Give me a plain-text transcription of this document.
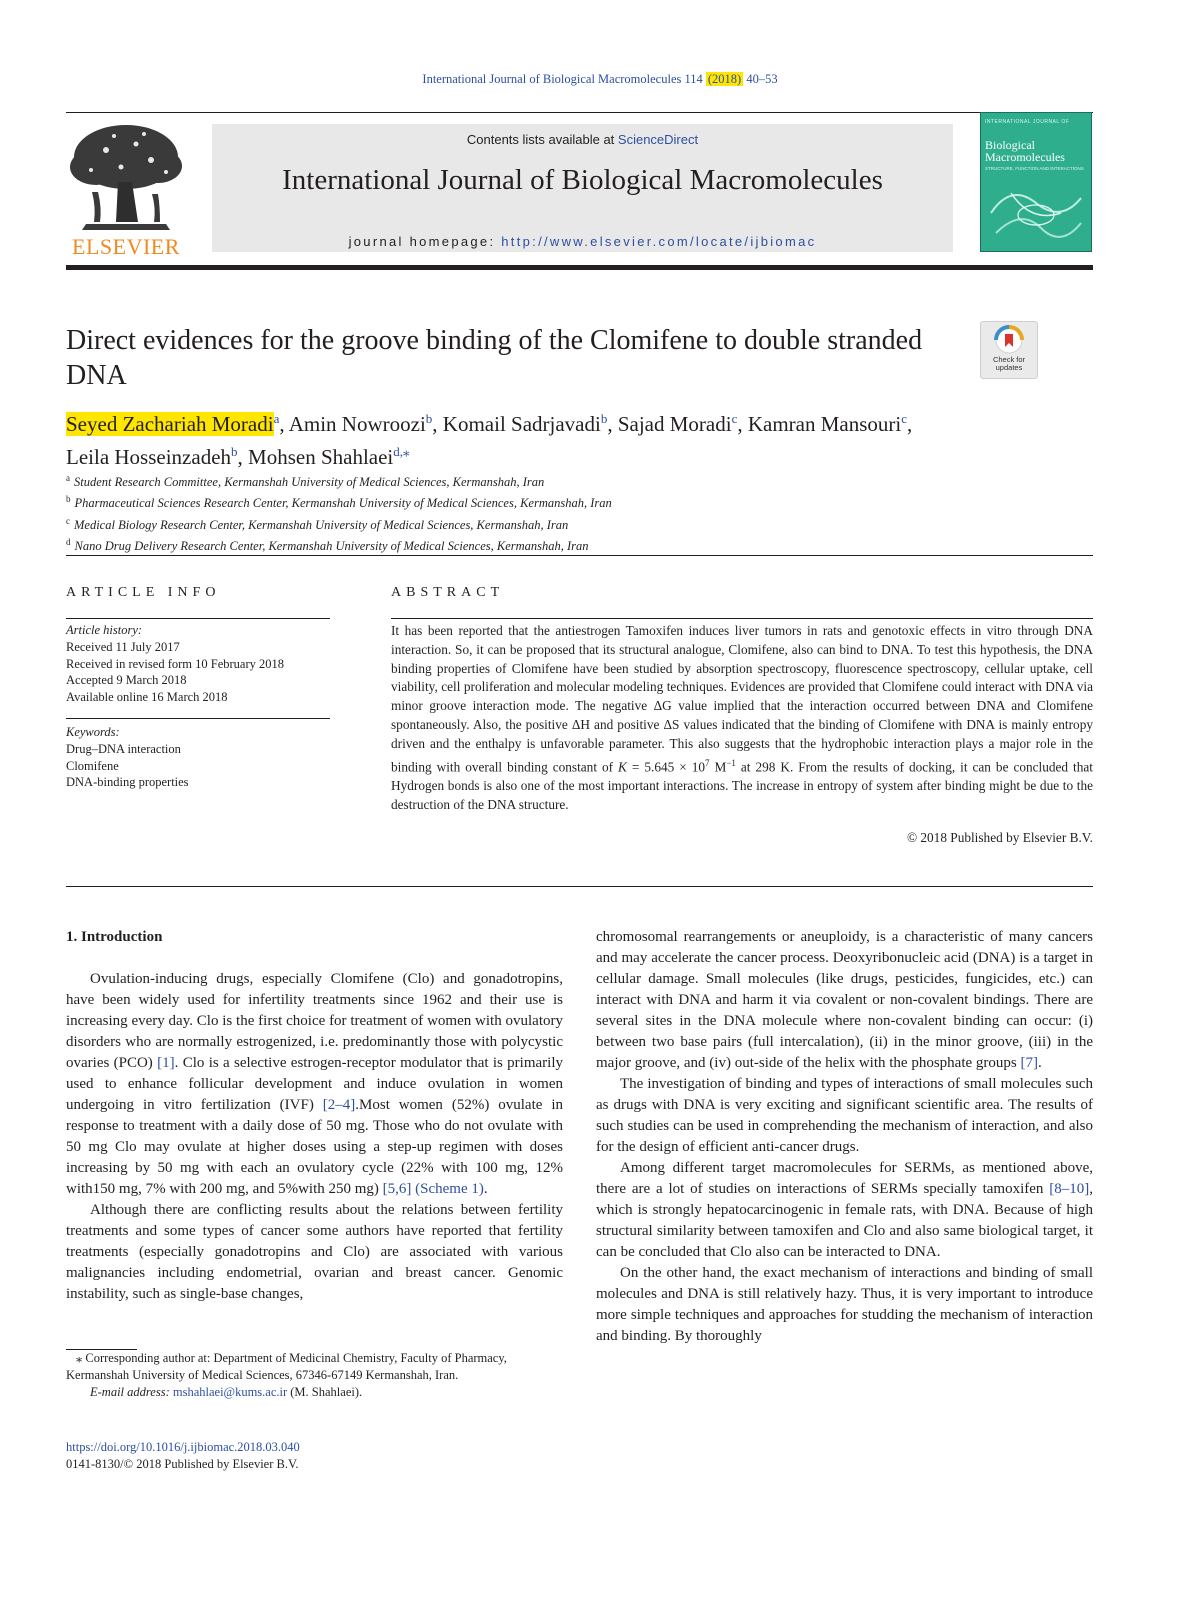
International Journal of Biological Macromolecules 114 (2018) 40–53
ELSEVIER
Contents lists available at ScienceDirect
International Journal of Biological Macromolecules
journal homepage: http://www.elsevier.com/locate/ijbiomac
INTERNATIONAL JOURNAL OF
Biological
Macromolecules
STRUCTURE, FUNCTION AND INTERACTIONS
Direct evidences for the groove binding of the Clomifene to double stranded DNA
Check for
updates
Seyed Zachariah Moradi$^a$, Amin Nowroozi$^b$, Komail Sadrjavadi$^b$, Sajad Moradi$^c$, Kamran Mansouri$^c$,
Leila Hosseinzadeh$^b$, Mohsen Shahlaei$^{d,⁎}$
$^a$ Student Research Committee, Kermanshah University of Medical Sciences, Kermanshah, Iran
$^b$ Pharmaceutical Sciences Research Center, Kermanshah University of Medical Sciences, Kermanshah, Iran
$^c$ Medical Biology Research Center, Kermanshah University of Medical Sciences, Kermanshah, Iran
$^d$ Nano Drug Delivery Research Center, Kermanshah University of Medical Sciences, Kermanshah, Iran
ARTICLE INFO	ABSTRACT
Article history:
Received 11 July 2017
Received in revised form 10 February 2018
Accepted 9 March 2018
Available online 16 March 2018
Keywords:
Drug–DNA interaction
Clomifene
DNA-binding properties
It has been reported that the antiestrogen Tamoxifen induces liver tumors in rats and genotoxic effects in vitro through DNA interaction. So, it can be proposed that its structural analogue, Clomifene, also can bind to DNA. To test this hypothesis, the DNA binding properties of Clomifene have been studied by absorption spectroscopy, fluorescence spectroscopy, cellular uptake, cell viability, cell proliferation and molecular modeling techniques. Evidences are provided that Clomifene could interact with DNA via minor groove interaction mode. The negative ΔG value implied that the interaction occurred between DNA and Clomifene spontaneously. Also, the positive ΔH and positive ΔS values indicated that the binding of Clomifene with DNA is mainly entropy driven and the enthalpy is unfavorable parameter. This also suggests that the hydrophobic interaction plays a major role in the binding with overall binding constant of $K = 5.645 \times 10^7$ $M^{-1}$ at 298 K. From the results of docking, it can be concluded that Hydrogen bonds is also one of the most important interactions. The increase in entropy of system after binding might be due to the destruction of the DNA structure.
© 2018 Published by Elsevier B.V.

1. Introduction

Ovulation-inducing drugs, especially Clomifene (Clo) and gonadotropins, have been widely used for infertility treatments since 1962 and their use is increasing every day. Clo is the first choice for treatment of women with ovulatory disorders who are normally estrogenized, i.e. predominantly those with polycystic ovaries (PCO) [1]. Clo is a selective estrogen-receptor modulator that is primarily used to enhance follicular development and induce ovulation in women undergoing in vitro fertilization (IVF) [2–4].Most women (52%) ovulate in response to treatment with a daily dose of 50 mg. Those who do not ovulate with 50 mg Clo may ovulate at higher doses using a step-up regimen with doses increasing by 50 mg with each an ovulatory cycle (22% with 100 mg, 12% with150 mg, 7% with 200 mg, and 5%with 250 mg) [5,6] (Scheme 1).

Although there are conflicting results about the relations between fertility treatments and some types of cancer some authors have reported that fertility treatments (especially gonadotropins and Clo) are associated with various malignancies including endometrial, ovarian and breast cancer. Genomic instability, such as single-base changes,

chromosomal rearrangements or aneuploidy, is a characteristic of many cancers and may accelerate the cancer process. Deoxyribonucleic acid (DNA) is a target in cellular damage. Small molecules (like drugs, pesticides, fungicides, etc.) can interact with DNA and harm it via covalent or non-covalent bindings. There are several sites in the DNA molecule where non-covalent binding can occur: (i) between two base pairs (full intercalation), (ii) in the minor groove, (iii) in the major groove, and (iv) out-side of the helix with the phosphate groups [7].

The investigation of binding and types of interactions of small molecules such as drugs with DNA is very exciting and significant scientific area. The results of such studies can be used in comprehending the mechanism of interaction, and also for the design of efficient anti-cancer drugs.

Among different target macromolecules for SERMs, as mentioned above, there are a lot of studies on interactions of SERMs specially tamoxifen [8–10], which is strongly hepatocarcinogenic in female rats, with DNA. Because of high structural similarity between tamoxifen and Clo and also same biological target, it can be concluded that Clo also can be interacted to DNA.

On the other hand, the exact mechanism of interactions and binding of small molecules and DNA is still relatively hazy. Thus, it is very important to introduce more simple techniques and approaches for studding the mechanism of interaction and binding. By thoroughly

⁎ Corresponding author at: Department of Medicinal Chemistry, Faculty of Pharmacy, Kermanshah University of Medical Sciences, 67346-67149 Kermanshah, Iran.

E-mail address: mshahlaei@kums.ac.ir (M. Shahlaei).

https://doi.org/10.1016/j.ijbiomac.2018.03.040
0141-8130/© 2018 Published by Elsevier B.V.
